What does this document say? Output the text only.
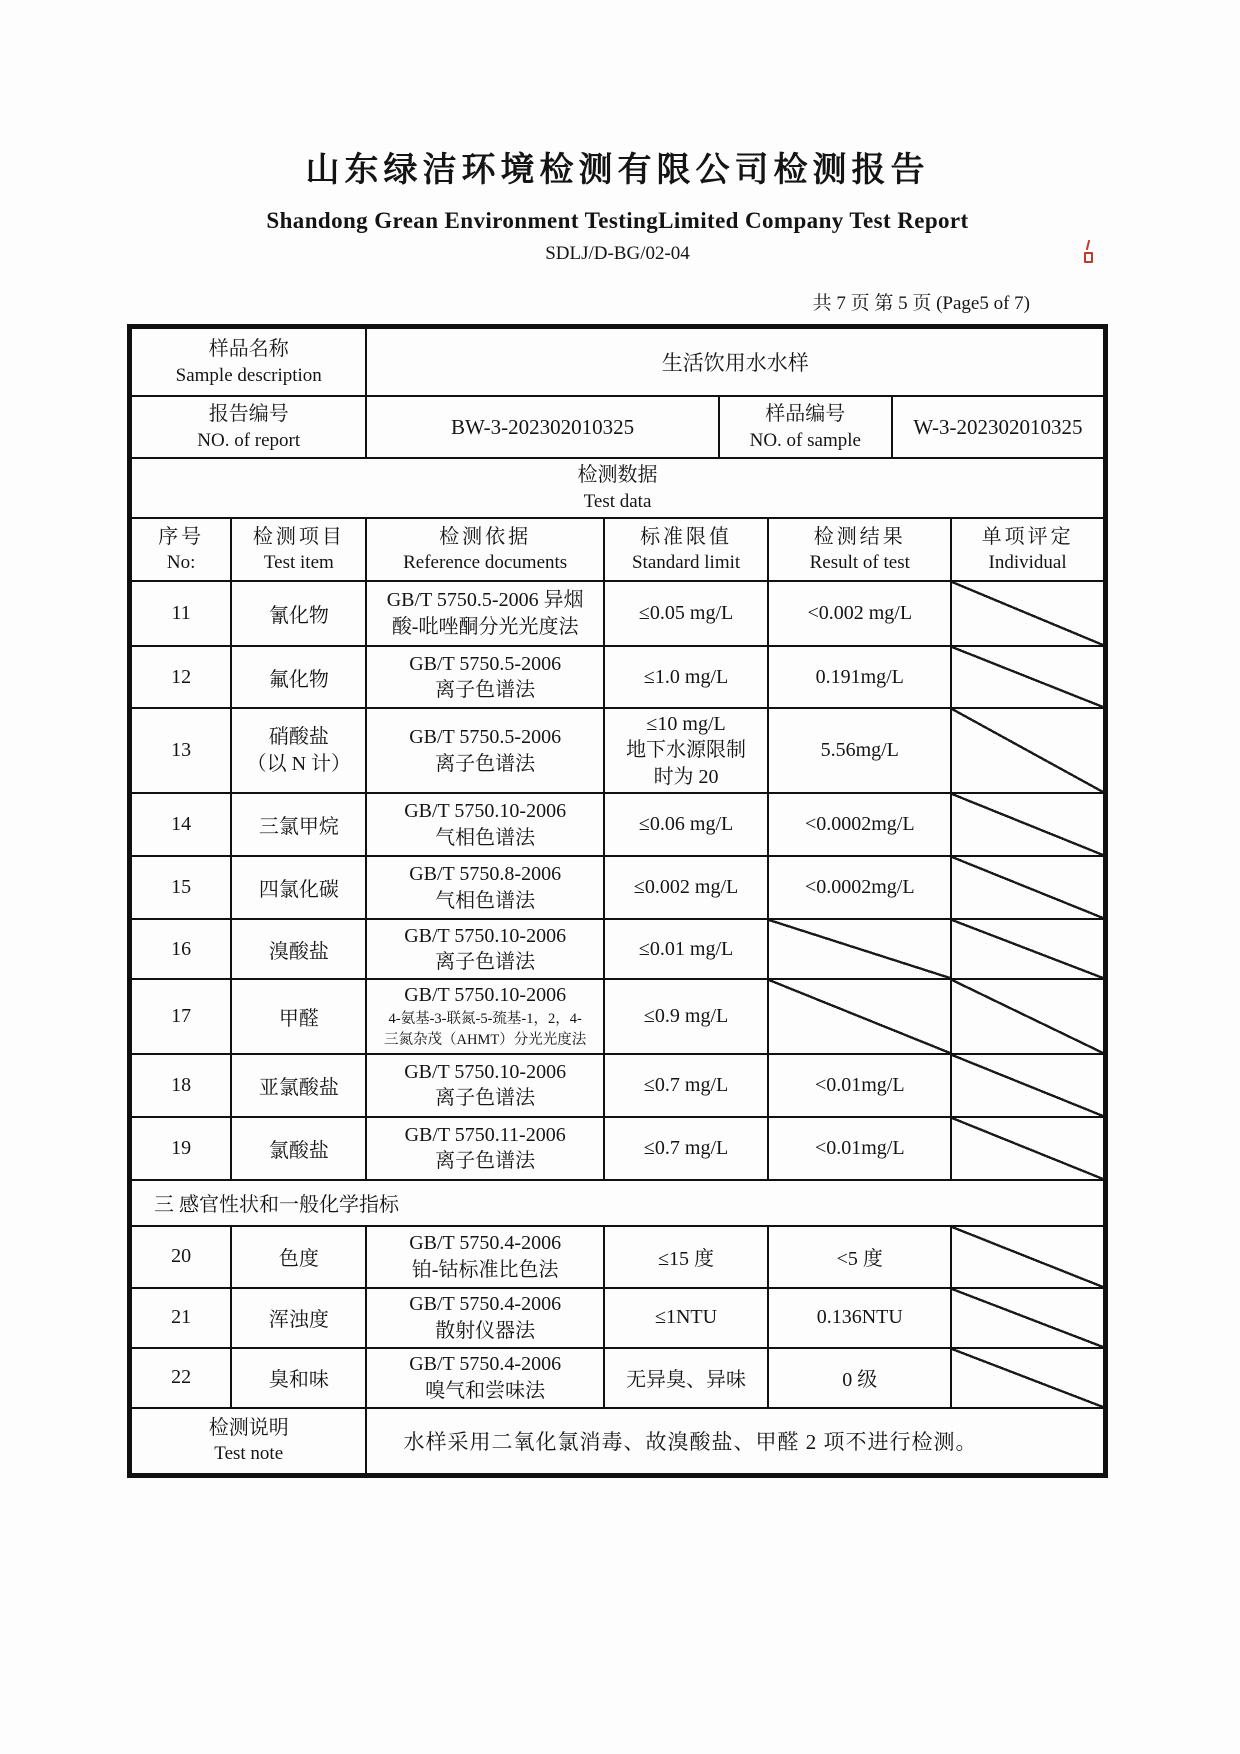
山东绿洁环境检测有限公司检测报告
Shandong Grean Environment TestingLimited Company Test Report
SDLJ/D-BG/02-04
共 7 页 第 5 页 (Page5 of 7)
样品名称
Sample description	生活饮用水水样		

报告编号
NO. of report	BW-3-202302010325	样品编号
NO. of sample	W-3-202302010325

检测数据
Test data			
序号
No:	检测项目
Test item	检测依据
Reference documents	标准限值
Standard limit	检测结果
Result of test	单项评定
Individual

11	氰化物	GB/T 5750.5-2006 异烟
酸-吡唑酮分光光度法	≤0.05 mg/L	<0.002 mg/L	
12	氟化物	GB/T 5750.5-2006
离子色谱法	≤1.0 mg/L	0.191mg/L	
13	硝酸盐
（以 N 计）	GB/T 5750.5-2006
离子色谱法	≤10 mg/L
地下水源限制
时为 20	5.56mg/L	
14	三氯甲烷	GB/T 5750.10-2006
气相色谱法	≤0.06 mg/L	<0.0002mg/L	
15	四氯化碳	GB/T 5750.8-2006
气相色谱法	≤0.002 mg/L	<0.0002mg/L	
16	溴酸盐	GB/T 5750.10-2006
离子色谱法	≤0.01 mg/L		
17	甲醛	GB/T 5750.10-2006
4-氨基-3-联氮-5-巯基-1，2，4-
三氮杂茂（AHMT）分光光度法	≤0.9 mg/L		
18	亚氯酸盐	GB/T 5750.10-2006
离子色谱法	≤0.7 mg/L	<0.01mg/L	
19	氯酸盐	GB/T 5750.11-2006
离子色谱法	≤0.7 mg/L	<0.01mg/L	
三 感官性状和一般化学指标					
20	色度	GB/T 5750.4-2006
铂-钴标准比色法	≤15 度	<5 度	
21	浑浊度	GB/T 5750.4-2006
散射仪器法	≤1NTU	0.136NTU	
22	臭和味	GB/T 5750.4-2006
嗅气和尝味法	无异臭、异味	0 级	

检测说明
Test note		水样采用二氧化氯消毒、故溴酸盐、甲醛 2 项不进行检测。			
